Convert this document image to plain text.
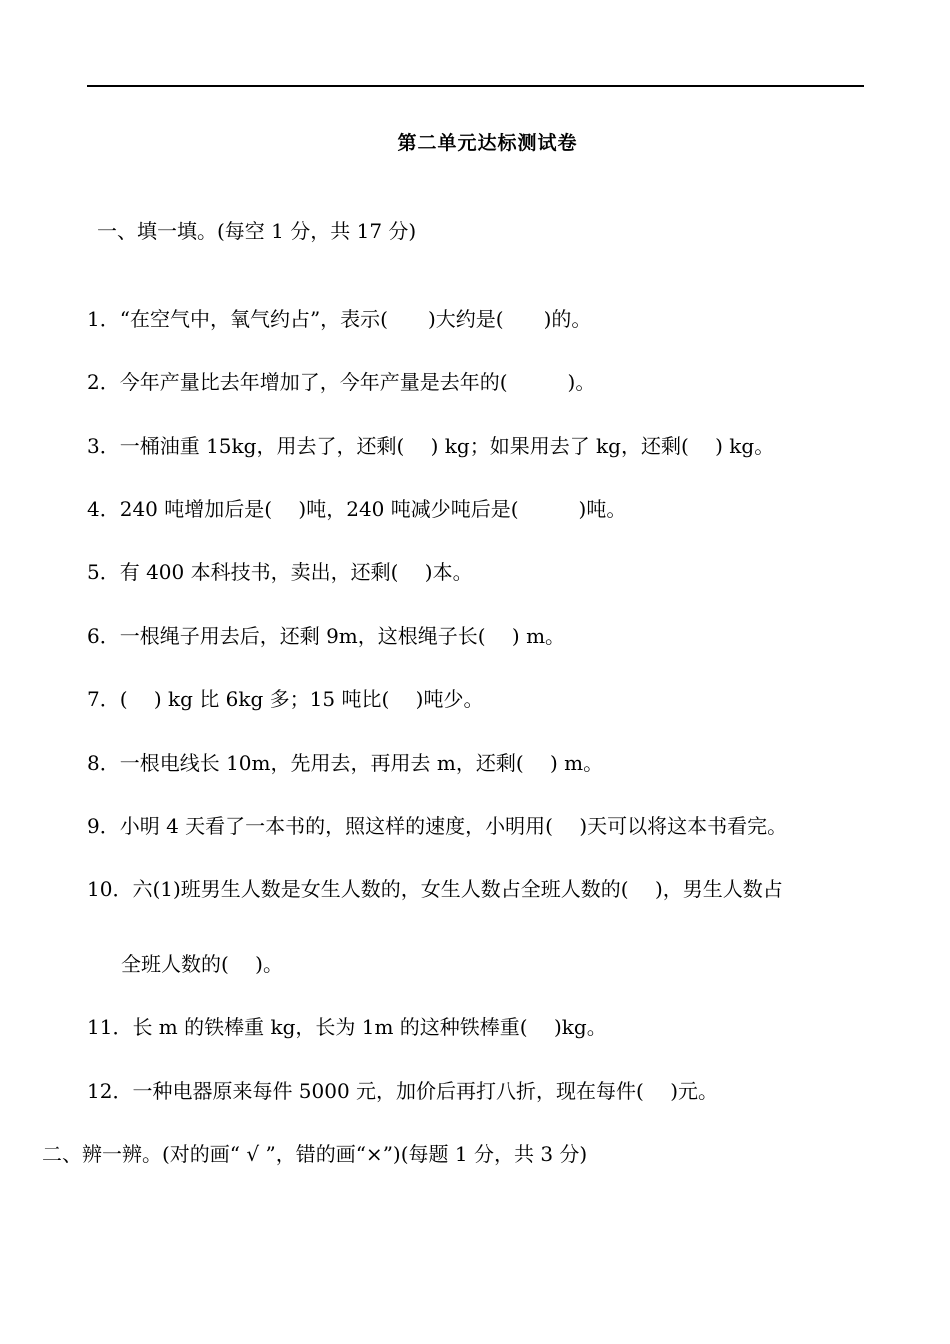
第二单元达标测试卷
一、填一填。(每空 1 分，共 17 分)
1．“在空气中，氧气约占”，表示(　　)大约是(　　)的。
2．今年产量比去年增加了，今年产量是去年的(　　　)。
3．一桶油重 15kg，用去了，还剩(　 ) kg；如果用去了 kg，还剩(　 ) kg。
4．240 吨增加后是(　 )吨，240 吨减少吨后是(　　　)吨。
5．有 400 本科技书，卖出，还剩(　 )本。
6．一根绳子用去后，还剩 9m，这根绳子长(　 ) m。
7．(　 ) kg 比 6kg 多；15 吨比(　 )吨少。
8．一根电线长 10m，先用去，再用去 m，还剩(　 ) m。
9．小明 4 天看了一本书的，照这样的速度，小明用(　 )天可以将这本书看完。
10．六(1)班男生人数是女生人数的，女生人数占全班人数的(　 )，男生人数占
全班人数的(　 )。
11．长 m 的铁棒重 kg，长为 1m 的这种铁棒重(　 )kg。
12．一种电器原来每件 5000 元，加价后再打八折，现在每件(　 )元。
二、辨一辨。(对的画“ √ ”，错的画“×”)(每题 1 分，共 3 分)
